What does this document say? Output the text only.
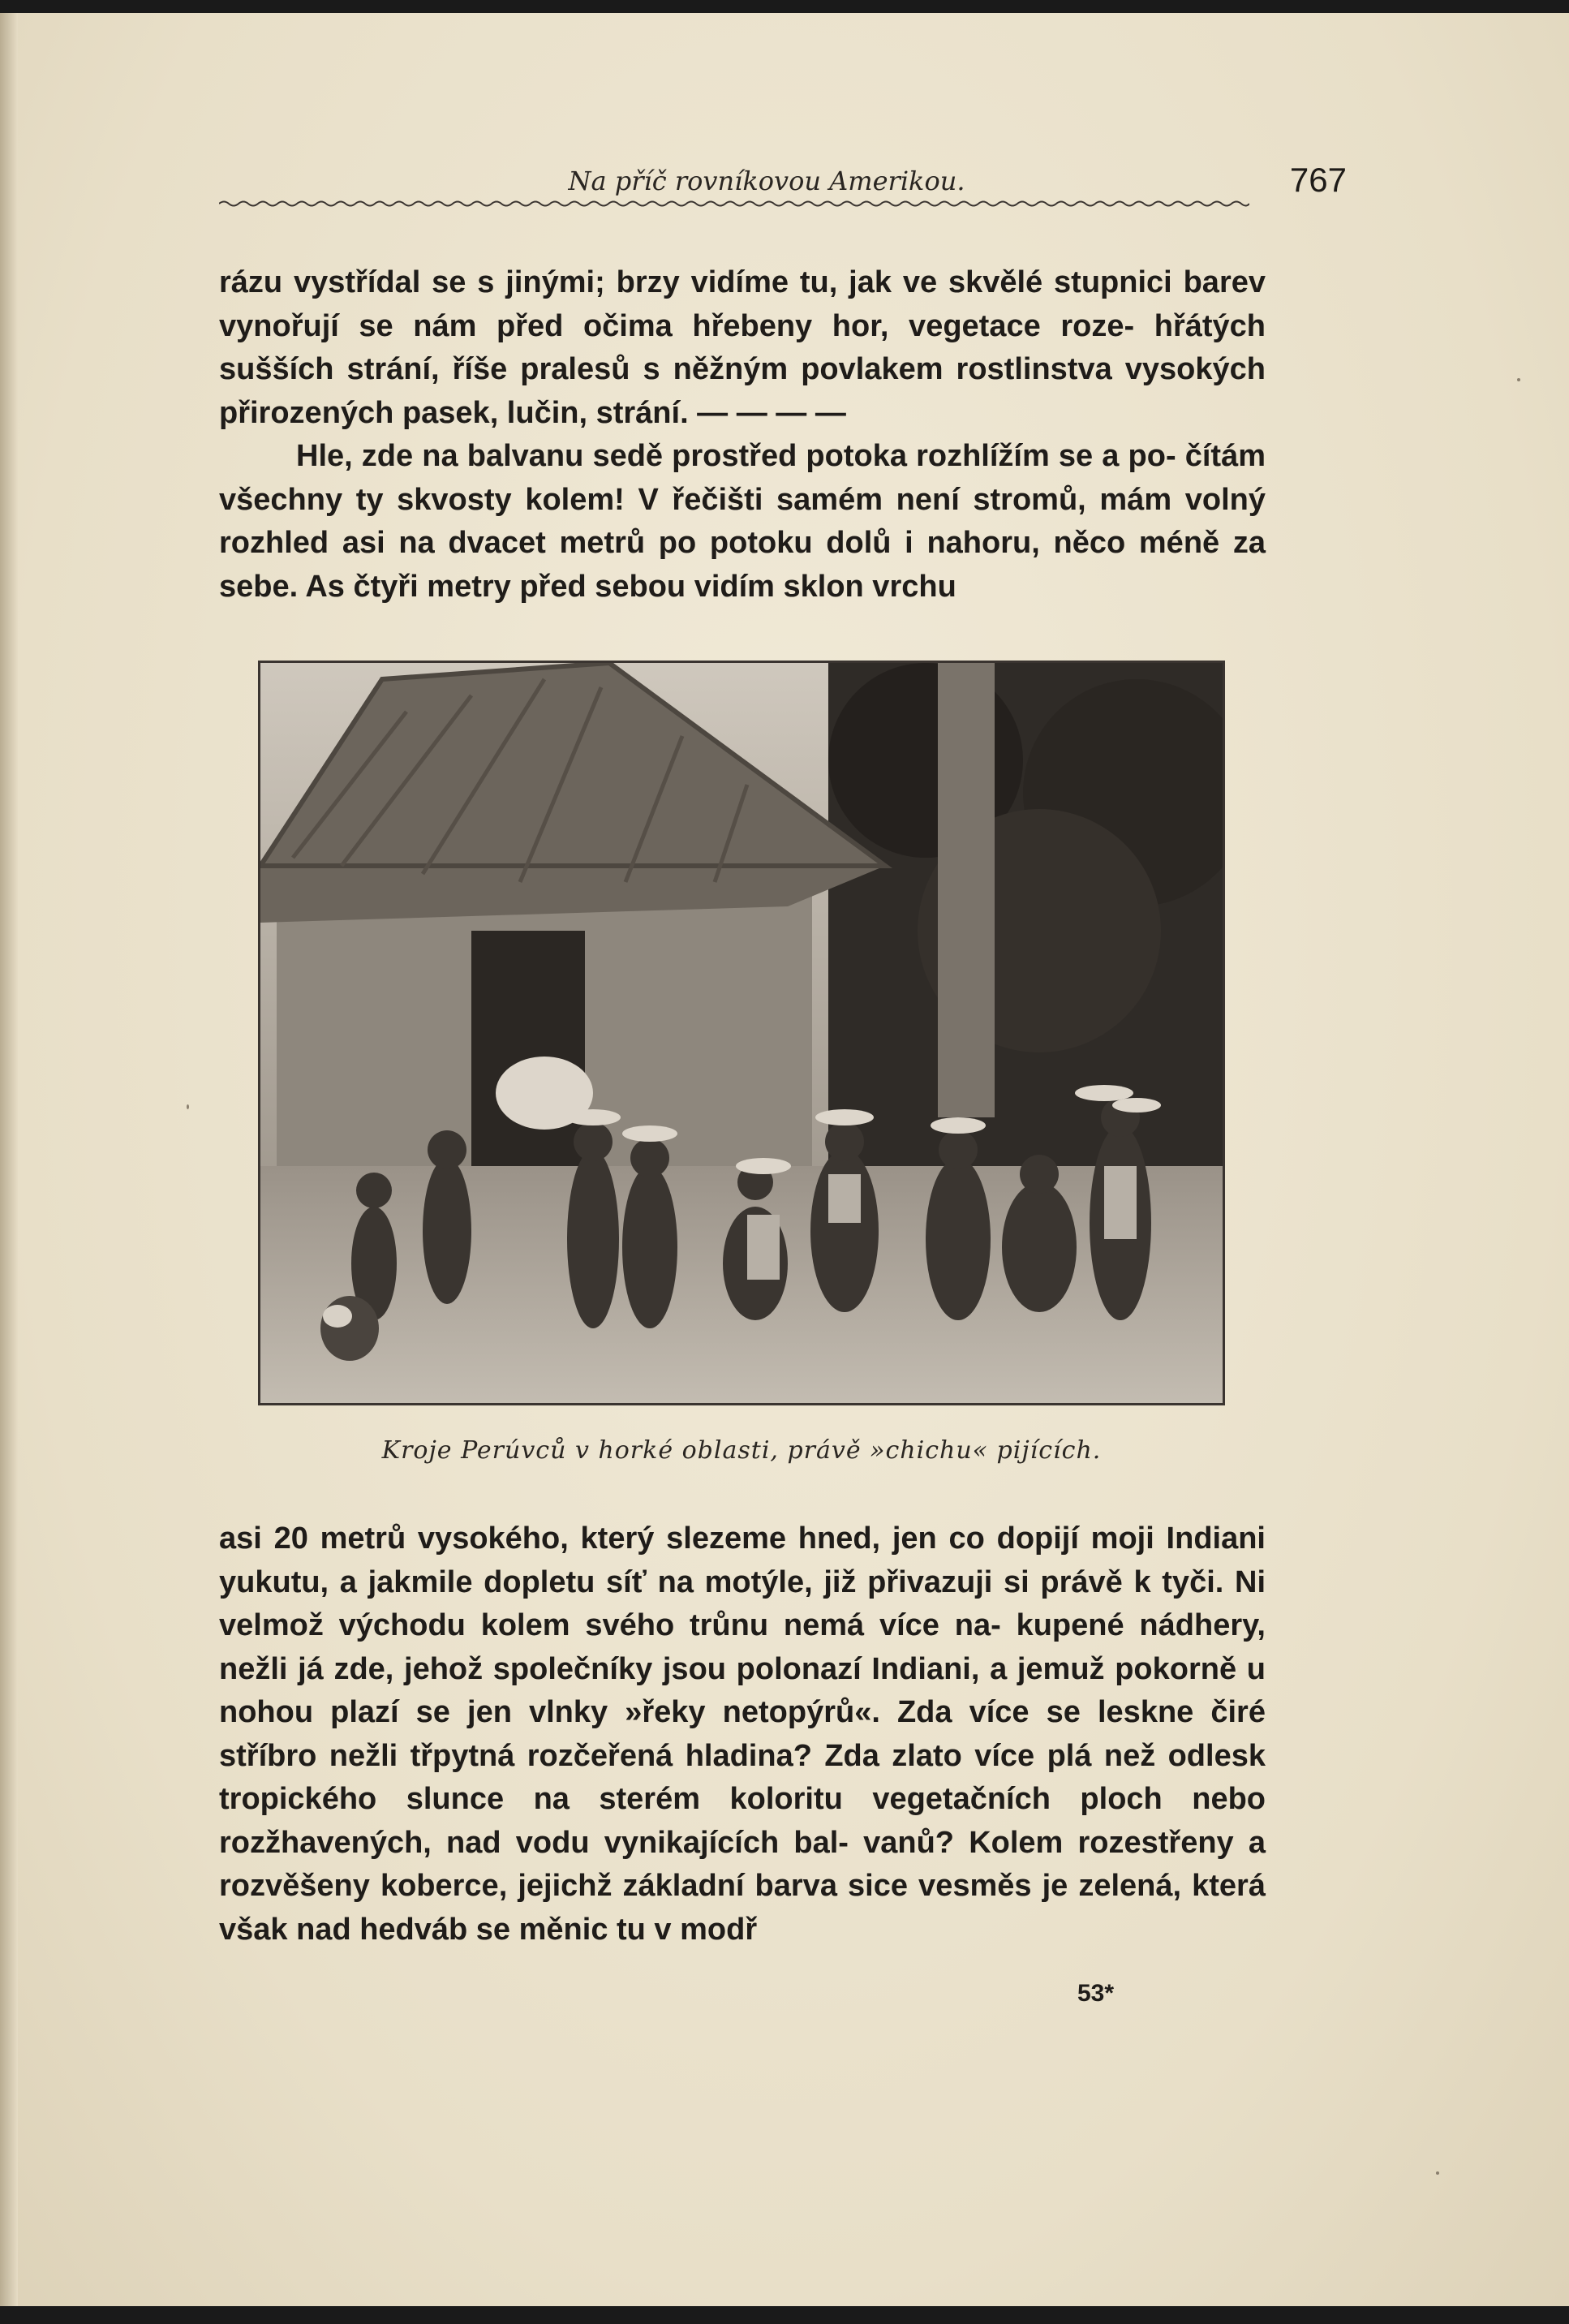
Na příč rovníkovou Amerikou.	767

rázu vystřídal se s jinými; brzy vidíme tu, jak ve skvělé stupnici barev vynořují se nám před očima hřebeny hor, vegetace roze- hřátých sušších strání, říše pralesů s něžným povlakem rostlinstva vysokých přirozených pasek, lučin, strání. — — — —

Hle, zde na balvanu sedě prostřed potoka rozhlížím se a po- čítám všechny ty skvosty kolem! V řečišti samém není stromů, mám volný rozhled asi na dvacet metrů po potoku dolů i nahoru, něco méně za sebe. As čtyři metry před sebou vidím sklon vrchu

Kroje Perúvců v horké oblasti, právě »chichu« pijících.

asi 20 metrů vysokého, který slezeme hned, jen co dopijí moji Indiani yukutu, a jakmile dopletu síť na motýle, již přivazuji si právě k tyči. Ni velmož východu kolem svého trůnu nemá více na- kupené nádhery, nežli já zde, jehož společníky jsou polonazí Indiani, a jemuž pokorně u nohou plazí se jen vlnky »řeky netopýrů«. Zda více se leskne čiré stříbro nežli třpytná rozčeřená hladina? Zda zlato více plá než odlesk tropického slunce na sterém koloritu vegetačních ploch nebo rozžhavených, nad vodu vynikajících bal- vanů? Kolem rozestřeny a rozvěšeny koberce, jejichž základní barva sice vesměs je zelená, která však nad hedváb se měnic tu v modř

53*
